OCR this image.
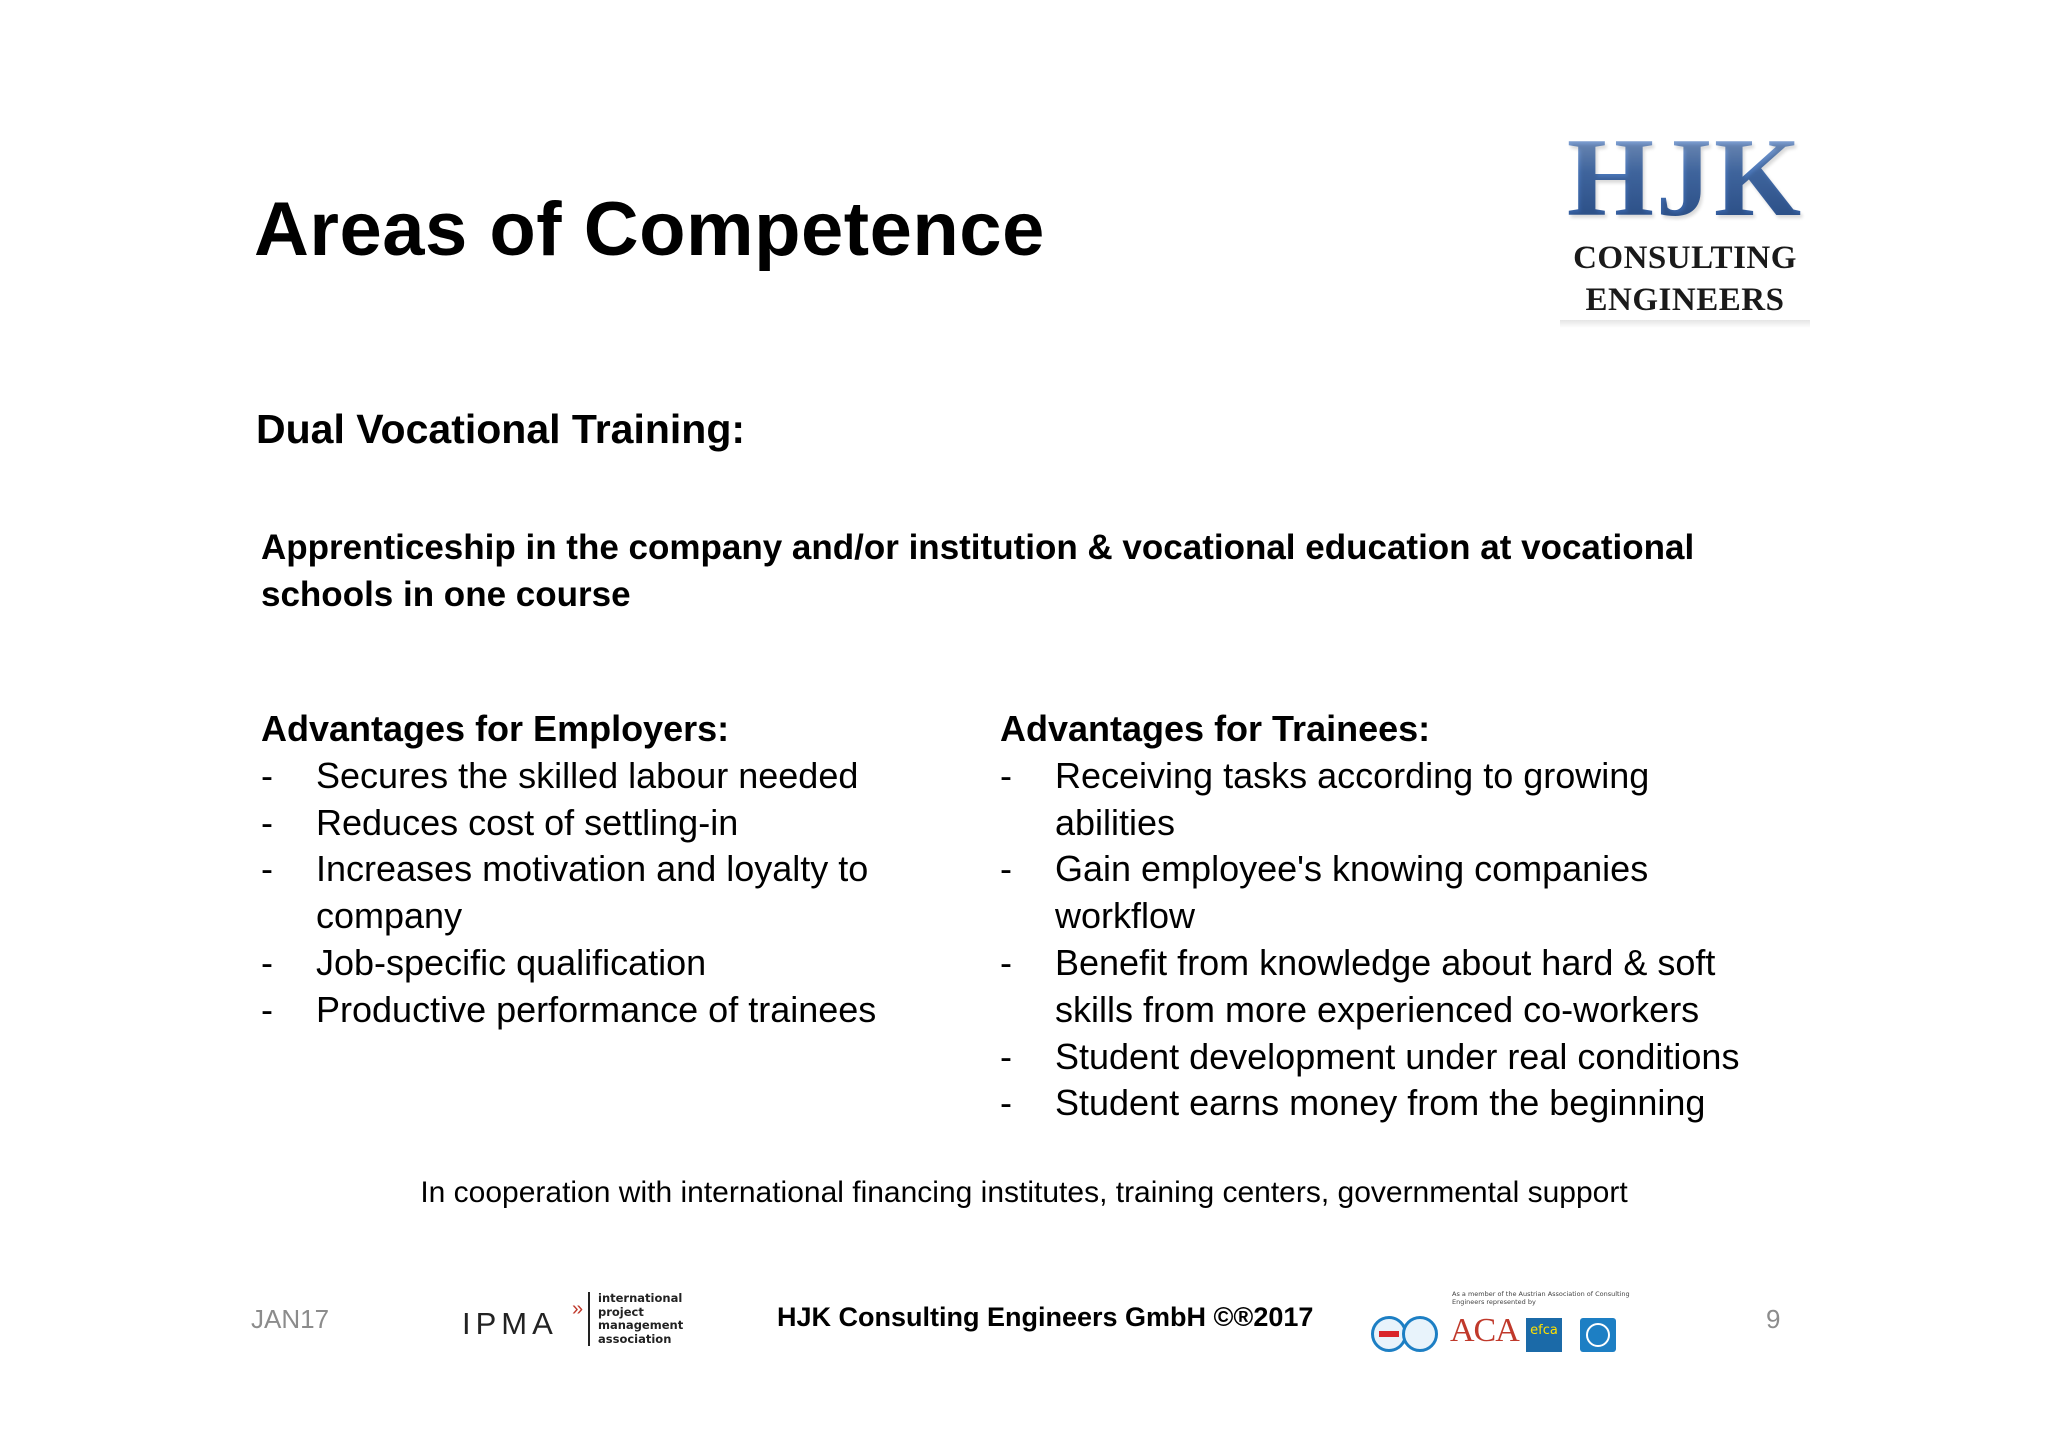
Areas of Competence	HJK
CONSULTING
ENGINEERS
Dual Vocational Training:
Apprenticeship in the company and/or institution & vocational education at vocational schools in one course
Advantages for Employers:
- Secures the skilled labour needed
- Reduces cost of settling-in
- Increases motivation and loyalty to company
- Job-specific qualification
- Productive performance of trainees
Advantages for Trainees:
- Receiving tasks according to growing abilities
- Gain employee's knowing companies workflow
- Benefit from knowledge about hard & soft skills from more experienced co-workers
- Student development under real conditions
- Student earns money from the beginning
In cooperation with international financing institutes, training centers, governmental support
JAN17	IPMA » international
project
management
association
HJK Consulting Engineers GmbH ©®2017
As a member of the Austrian Association of Consulting Engineers represented by
ACA efca	9
